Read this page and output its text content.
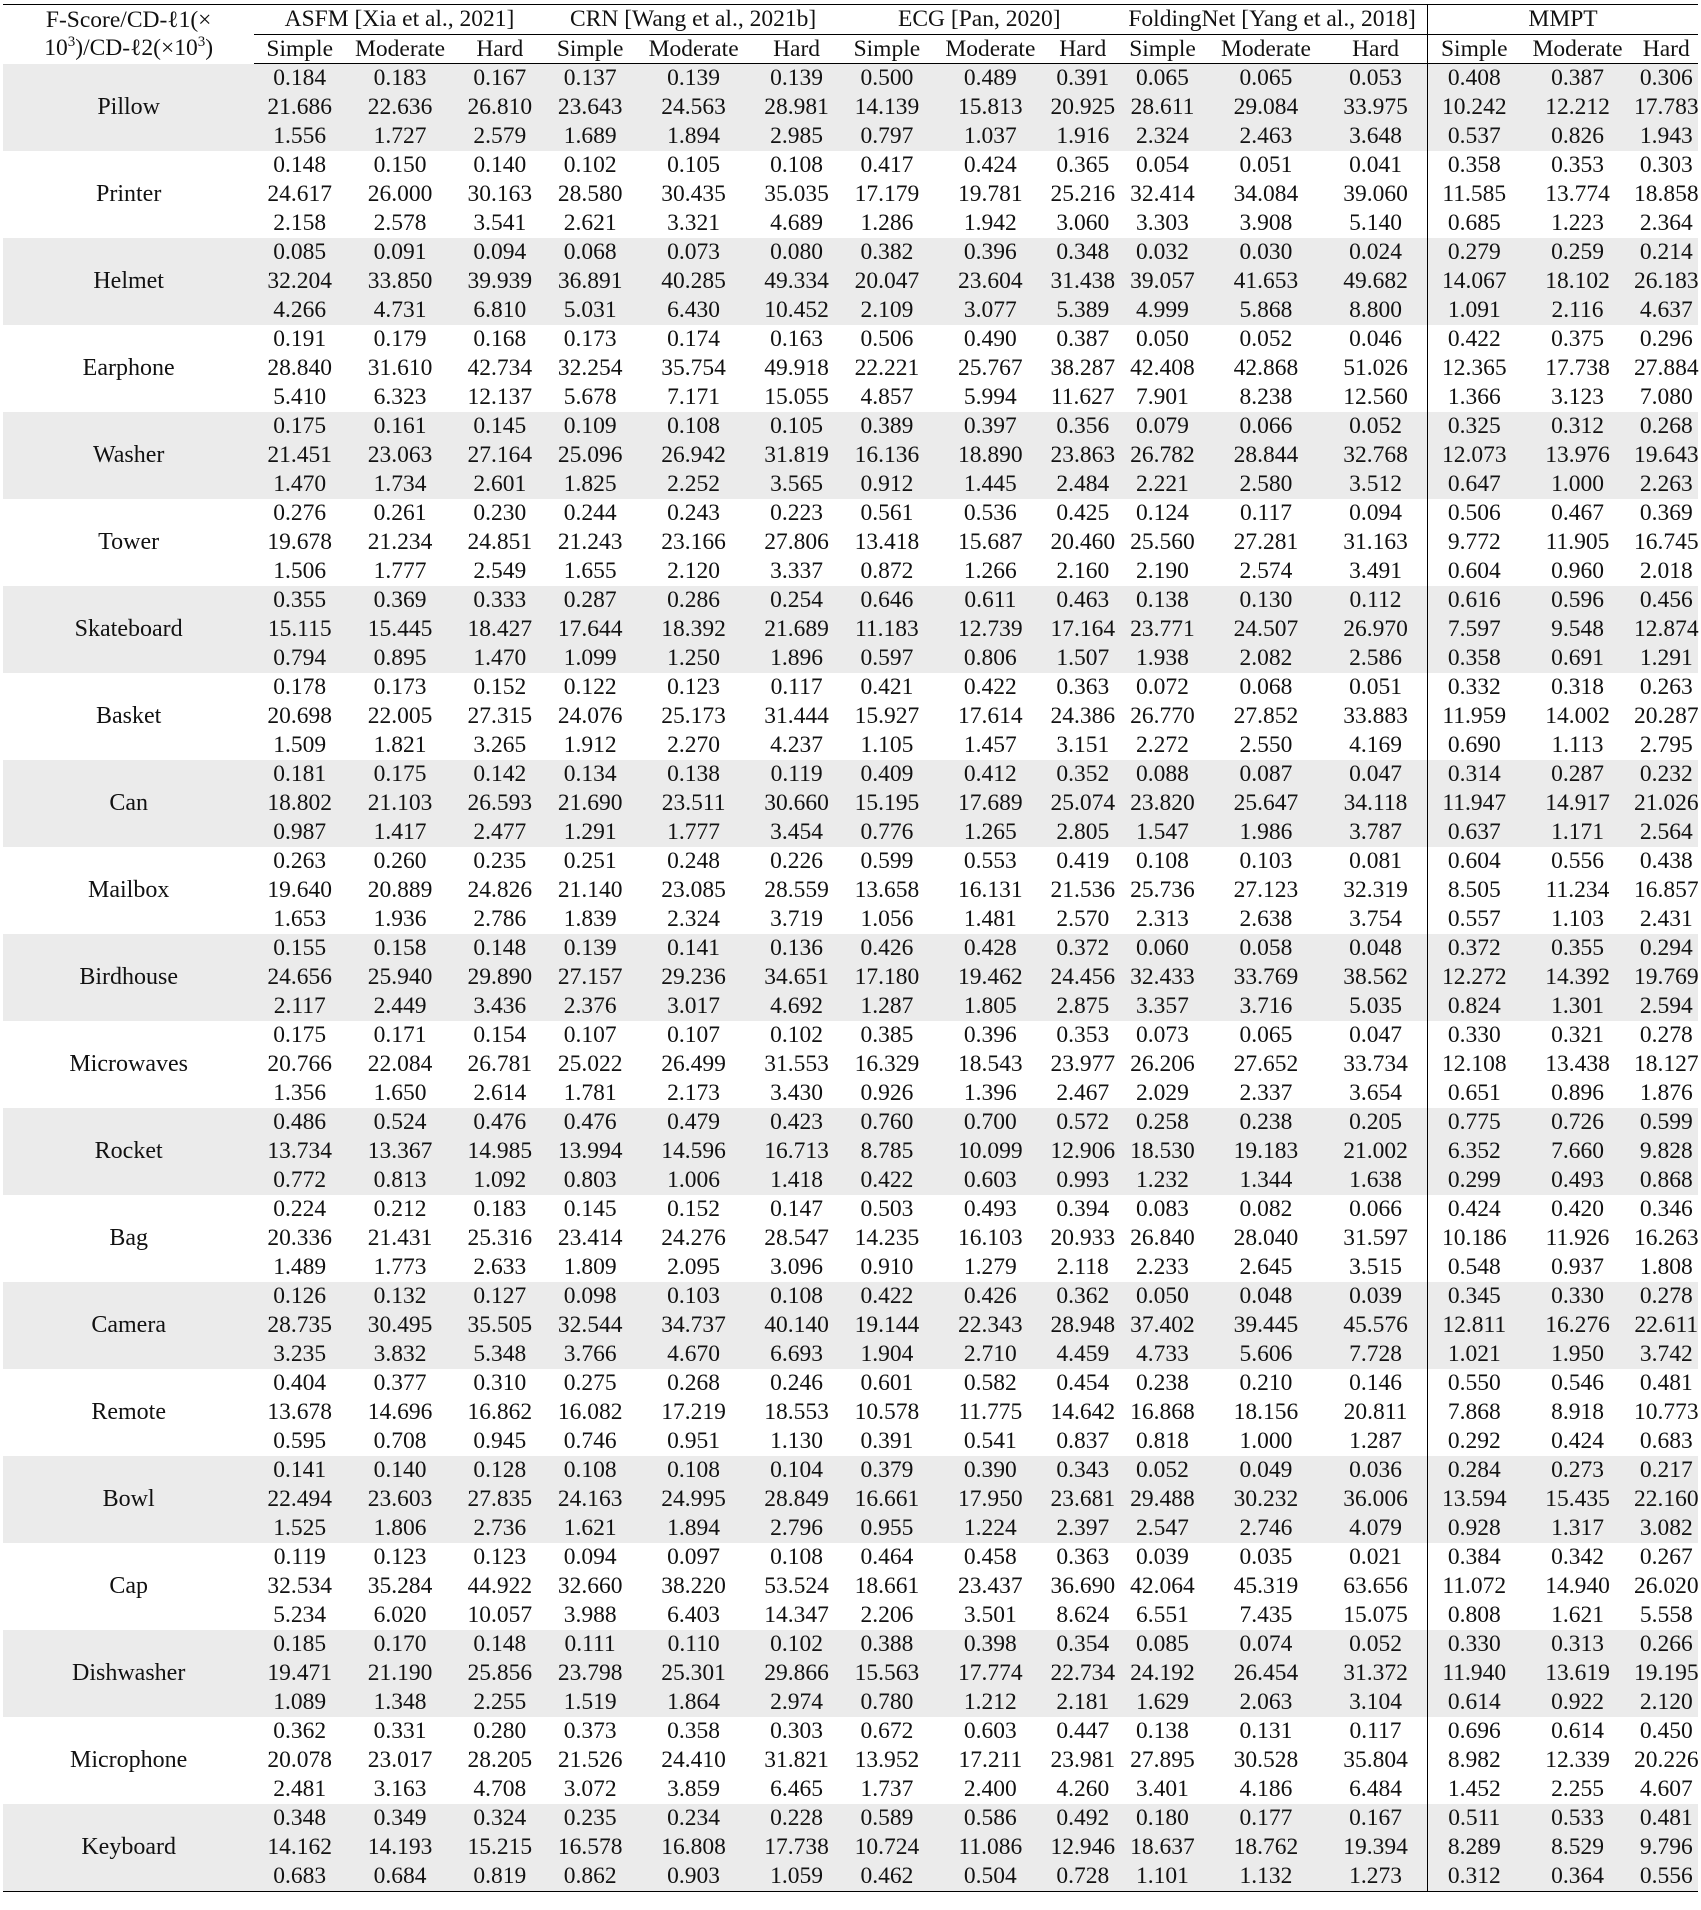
F-Score/CD-ℓ1(×
$10^3)/CD-\ell 2(\times 10^3)$	ASFM [Xia et al., 2021]			CRN [Wang et al., 2021b]			ECG [Pan, 2020]			FoldingNet [Yang et al., 2018]			MMPT		
	Simple	Moderate	Hard	Simple	Moderate	Hard	Simple	Moderate	Hard	Simple	Moderate	Hard	Simple	Moderate	Hard
Pillow	0.184
21.686
1.556	0.183
22.636
1.727	0.167
26.810
2.579	0.137
23.643
1.689	0.139
24.563
1.894	0.139
28.981
2.985	0.500
14.139
0.797	0.489
15.813
1.037	0.391
20.925
1.916	0.065
28.611
2.324	0.065
29.084
2.463	0.053
33.975
3.648	0.408
10.242
0.537	0.387
12.212
0.826	0.306
17.783
1.943

Printer	0.148
24.617
2.158	0.150
26.000
2.578	0.140
30.163
3.541	0.102
28.580
2.621	0.105
30.435
3.321	0.108
35.035
4.689	0.417
17.179
1.286	0.424
19.781
1.942	0.365
25.216
3.060	0.054
32.414
3.303	0.051
34.084
3.908	0.041
39.060
5.140	0.358
11.585
0.685	0.353
13.774
1.223	0.303
18.858
2.364

Helmet	0.085
32.204
4.266	0.091
33.850
4.731	0.094
39.939
6.810	0.068
36.891
5.031	0.073
40.285
6.430	0.080
49.334
10.452	0.382
20.047
2.109	0.396
23.604
3.077	0.348
31.438
5.389	0.032
39.057
4.999	0.030
41.653
5.868	0.024
49.682
8.800	0.279
14.067
1.091	0.259
18.102
2.116	0.214
26.183
4.637

Earphone	0.191
28.840
5.410	0.179
31.610
6.323	0.168
42.734
12.137	0.173
32.254
5.678	0.174
35.754
7.171	0.163
49.918
15.055	0.506
22.221
4.857	0.490
25.767
5.994	0.387
38.287
11.627	0.050
42.408
7.901	0.052
42.868
8.238	0.046
51.026
12.560	0.422
12.365
1.366	0.375
17.738
3.123	0.296
27.884
7.080

Washer	0.175
21.451
1.470	0.161
23.063
1.734	0.145
27.164
2.601	0.109
25.096
1.825	0.108
26.942
2.252	0.105
31.819
3.565	0.389
16.136
0.912	0.397
18.890
1.445	0.356
23.863
2.484	0.079
26.782
2.221	0.066
28.844
2.580	0.052
32.768
3.512	0.325
12.073
0.647	0.312
13.976
1.000	0.268
19.643
2.263

Tower	0.276
19.678
1.506	0.261
21.234
1.777	0.230
24.851
2.549	0.244
21.243
1.655	0.243
23.166
2.120	0.223
27.806
3.337	0.561
13.418
0.872	0.536
15.687
1.266	0.425
20.460
2.160	0.124
25.560
2.190	0.117
27.281
2.574	0.094
31.163
3.491	0.506
9.772
0.604	0.467
11.905
0.960	0.369
16.745
2.018

Skateboard	0.355
15.115
0.794	0.369
15.445
0.895	0.333
18.427
1.470	0.287
17.644
1.099	0.286
18.392
1.250	0.254
21.689
1.896	0.646
11.183
0.597	0.611
12.739
0.806	0.463
17.164
1.507	0.138
23.771
1.938	0.130
24.507
2.082	0.112
26.970
2.586	0.616
7.597
0.358	0.596
9.548
0.691	0.456
12.874
1.291

Basket	0.178
20.698
1.509	0.173
22.005
1.821	0.152
27.315
3.265	0.122
24.076
1.912	0.123
25.173
2.270	0.117
31.444
4.237	0.421
15.927
1.105	0.422
17.614
1.457	0.363
24.386
3.151	0.072
26.770
2.272	0.068
27.852
2.550	0.051
33.883
4.169	0.332
11.959
0.690	0.318
14.002
1.113	0.263
20.287
2.795

Can	0.181
18.802
0.987	0.175
21.103
1.417	0.142
26.593
2.477	0.134
21.690
1.291	0.138
23.511
1.777	0.119
30.660
3.454	0.409
15.195
0.776	0.412
17.689
1.265	0.352
25.074
2.805	0.088
23.820
1.547	0.087
25.647
1.986	0.047
34.118
3.787	0.314
11.947
0.637	0.287
14.917
1.171	0.232
21.026
2.564

Mailbox	0.263
19.640
1.653	0.260
20.889
1.936	0.235
24.826
2.786	0.251
21.140
1.839	0.248
23.085
2.324	0.226
28.559
3.719	0.599
13.658
1.056	0.553
16.131
1.481	0.419
21.536
2.570	0.108
25.736
2.313	0.103
27.123
2.638	0.081
32.319
3.754	0.604
8.505
0.557	0.556
11.234
1.103	0.438
16.857
2.431

Birdhouse	0.155
24.656
2.117	0.158
25.940
2.449	0.148
29.890
3.436	0.139
27.157
2.376	0.141
29.236
3.017	0.136
34.651
4.692	0.426
17.180
1.287	0.428
19.462
1.805	0.372
24.456
2.875	0.060
32.433
3.357	0.058
33.769
3.716	0.048
38.562
5.035	0.372
12.272
0.824	0.355
14.392
1.301	0.294
19.769
2.594

Microwaves	0.175
20.766
1.356	0.171
22.084
1.650	0.154
26.781
2.614	0.107
25.022
1.781	0.107
26.499
2.173	0.102
31.553
3.430	0.385
16.329
0.926	0.396
18.543
1.396	0.353
23.977
2.467	0.073
26.206
2.029	0.065
27.652
2.337	0.047
33.734
3.654	0.330
12.108
0.651	0.321
13.438
0.896	0.278
18.127
1.876

Rocket	0.486
13.734
0.772	0.524
13.367
0.813	0.476
14.985
1.092	0.476
13.994
0.803	0.479
14.596
1.006	0.423
16.713
1.418	0.760
8.785
0.422	0.700
10.099
0.603	0.572
12.906
0.993	0.258
18.530
1.232	0.238
19.183
1.344	0.205
21.002
1.638	0.775
6.352
0.299	0.726
7.660
0.493	0.599
9.828
0.868

Bag	0.224
20.336
1.489	0.212
21.431
1.773	0.183
25.316
2.633	0.145
23.414
1.809	0.152
24.276
2.095	0.147
28.547
3.096	0.503
14.235
0.910	0.493
16.103
1.279	0.394
20.933
2.118	0.083
26.840
2.233	0.082
28.040
2.645	0.066
31.597
3.515	0.424
10.186
0.548	0.420
11.926
0.937	0.346
16.263
1.808

Camera	0.126
28.735
3.235	0.132
30.495
3.832	0.127
35.505
5.348	0.098
32.544
3.766	0.103
34.737
4.670	0.108
40.140
6.693	0.422
19.144
1.904	0.426
22.343
2.710	0.362
28.948
4.459	0.050
37.402
4.733	0.048
39.445
5.606	0.039
45.576
7.728	0.345
12.811
1.021	0.330
16.276
1.950	0.278
22.611
3.742

Remote	0.404
13.678
0.595	0.377
14.696
0.708	0.310
16.862
0.945	0.275
16.082
0.746	0.268
17.219
0.951	0.246
18.553
1.130	0.601
10.578
0.391	0.582
11.775
0.541	0.454
14.642
0.837	0.238
16.868
0.818	0.210
18.156
1.000	0.146
20.811
1.287	0.550
7.868
0.292	0.546
8.918
0.424	0.481
10.773
0.683

Bowl	0.141
22.494
1.525	0.140
23.603
1.806	0.128
27.835
2.736	0.108
24.163
1.621	0.108
24.995
1.894	0.104
28.849
2.796	0.379
16.661
0.955	0.390
17.950
1.224	0.343
23.681
2.397	0.052
29.488
2.547	0.049
30.232
2.746	0.036
36.006
4.079	0.284
13.594
0.928	0.273
15.435
1.317	0.217
22.160
3.082

Cap	0.119
32.534
5.234	0.123
35.284
6.020	0.123
44.922
10.057	0.094
32.660
3.988	0.097
38.220
6.403	0.108
53.524
14.347	0.464
18.661
2.206	0.458
23.437
3.501	0.363
36.690
8.624	0.039
42.064
6.551	0.035
45.319
7.435	0.021
63.656
15.075	0.384
11.072
0.808	0.342
14.940
1.621	0.267
26.020
5.558

Dishwasher	0.185
19.471
1.089	0.170
21.190
1.348	0.148
25.856
2.255	0.111
23.798
1.519	0.110
25.301
1.864	0.102
29.866
2.974	0.388
15.563
0.780	0.398
17.774
1.212	0.354
22.734
2.181	0.085
24.192
1.629	0.074
26.454
2.063	0.052
31.372
3.104	0.330
11.940
0.614	0.313
13.619
0.922	0.266
19.195
2.120

Microphone	0.362
20.078
2.481	0.331
23.017
3.163	0.280
28.205
4.708	0.373
21.526
3.072	0.358
24.410
3.859	0.303
31.821
6.465	0.672
13.952
1.737	0.603
17.211
2.400	0.447
23.981
4.260	0.138
27.895
3.401	0.131
30.528
4.186	0.117
35.804
6.484	0.696
8.982
1.452	0.614
12.339
2.255	0.450
20.226
4.607

Keyboard	0.348
14.162
0.683	0.349
14.193
0.684	0.324
15.215
0.819	0.235
16.578
0.862	0.234
16.808
0.903	0.228
17.738
1.059	0.589
10.724
0.462	0.586
11.086
0.504	0.492
12.946
0.728	0.180
18.637
1.101	0.177
18.762
1.132	0.167
19.394
1.273	0.511
8.289
0.312	0.533
8.529
0.364	0.481
9.796
0.556
